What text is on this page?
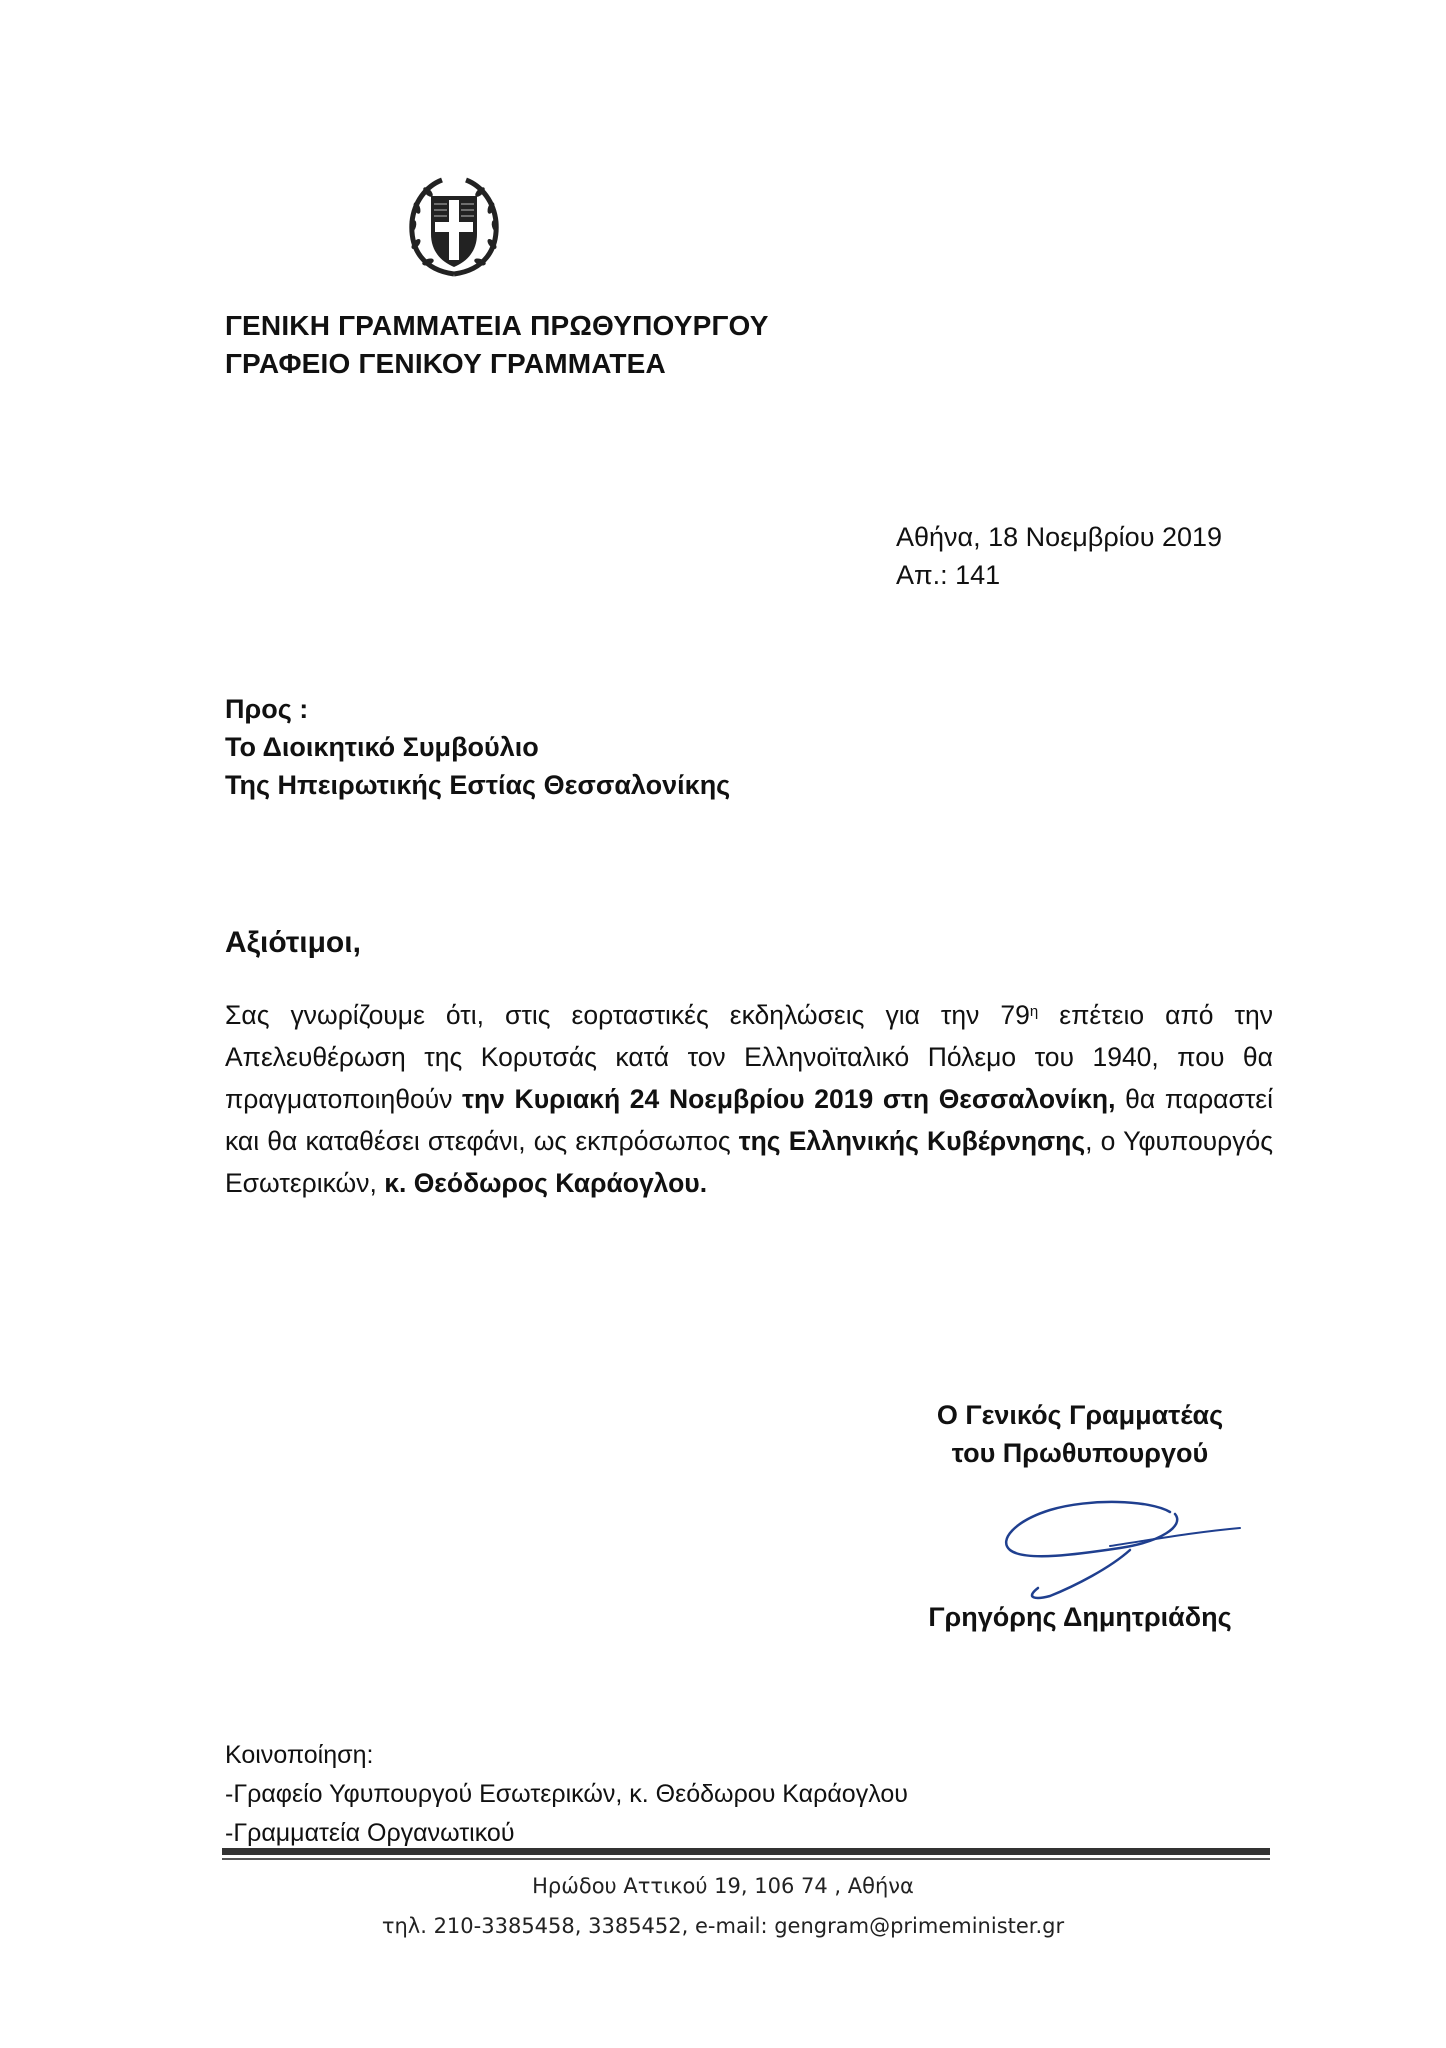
ΓΕΝΙΚΗ ΓΡΑΜΜΑΤΕΙΑ ΠΡΩΘΥΠΟΥΡΓΟΥ
ΓΡΑΦΕΙΟ ΓΕΝΙΚΟΥ ΓΡΑΜΜΑΤΕΑ
Αθήνα, 18 Νοεμβρίου 2019
Απ.: 141
Προς :
Το Διοικητικό Συμβούλιο
Της Ηπειρωτικής Εστίας Θεσσαλονίκης
Αξιότιμοι,
Σας γνωρίζουμε ότι, στις εορταστικές εκδηλώσεις για την $79^\eta$ επέτειο από την Απελευθέρωση της Κορυτσάς κατά τον Ελληνοϊταλικό Πόλεμο του 1940, που θα πραγματοποιηθούν την Κυριακή 24 Νοεμβρίου 2019 στη Θεσσαλονίκη, θα παραστεί και θα καταθέσει στεφάνι, ως εκπρόσωπος της Ελληνικής Κυβέρνησης, ο Υφυπουργός Εσωτερικών, κ. Θεόδωρος Καράογλου.
Ο Γενικός Γραμματέας
του Πρωθυπουργού
Γρηγόρης Δημητριάδης
Κοινοποίηση:
-Γραφείο Υφυπουργού Εσωτερικών, κ. Θεόδωρου Καράογλου
-Γραμματεία Οργανωτικού
Ηρώδου Αττικού 19, 106 74 , Αθήνα
τηλ. 210-3385458, 3385452, e-mail: gengram@primeminister.gr
